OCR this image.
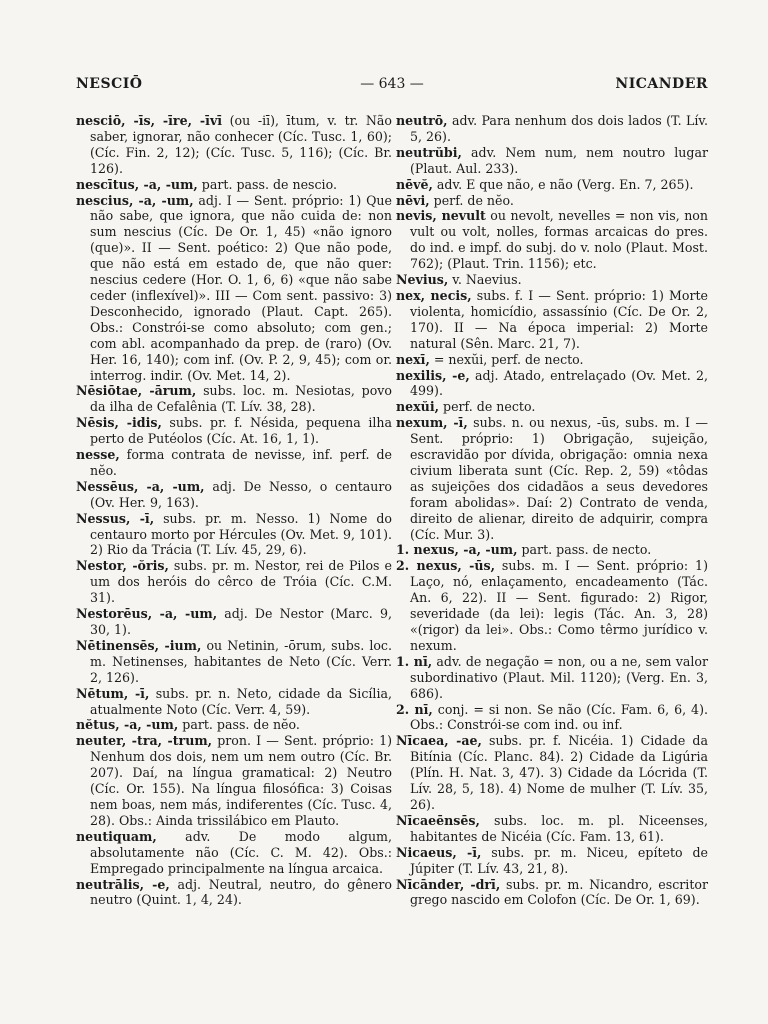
NESCIŌ	— 643 —	NICANDER
nesciō, -īs, -īre, -īvī (ou -iī), ītum, v. tr. Não saber, ignorar, não conhecer (Cíc. Tusc. 1, 60); (Cíc. Fin. 2, 12); (Cíc. Tusc. 5, 116); (Cíc. Br. 126).
nescītus, -a, -um, part. pass. de nescio.
nescius, -a, -um, adj. I — Sent. próprio: 1) Que não sabe, que ignora, que não cuida de: non sum nescius (Cíc. De Or. 1, 45) «não ignoro (que)». II — Sent. poético: 2) Que não pode, que não está em estado de, que não quer: nescius cedere (Hor. O. 1, 6, 6) «que não sabe ceder (inflexível)». III — Com sent. passivo: 3) Desconhecido, ignorado (Plaut. Capt. 265). Obs.: Constrói-se como absoluto; com gen.; com abl. acompanhado da prep. de (raro) (Ov. Her. 16, 140); com inf. (Ov. P. 2, 9, 45); com or. interrog. indir. (Ov. Met. 14, 2).
Nēsiōtae, -ārum, subs. loc. m. Nesiotas, povo da ilha de Cefalênia (T. Lív. 38, 28).
Nēsis, -idis, subs. pr. f. Nésida, pequena ilha perto de Putéolos (Cíc. At. 16, 1, 1).
nesse, forma contrata de nevisse, inf. perf. de nĕo.
Nessēus, -a, -um, adj. De Nesso, o centauro (Ov. Her. 9, 163).
Nessus, -ī, subs. pr. m. Nesso. 1) Nome do centauro morto por Hércules (Ov. Met. 9, 101). 2) Rio da Trácia (T. Lív. 45, 29, 6).
Nestor, -ŏris, subs. pr. m. Nestor, rei de Pilos e um dos heróis do cêrco de Tróia (Cíc. C.M. 31).
Nestorēus, -a, -um, adj. De Nestor (Marc. 9, 30, 1).
Nētinensēs, -ium, ou Netinin, -ōrum, subs. loc. m. Netinenses, habitantes de Neto (Cíc. Verr. 2, 126).
Nētum, -ī, subs. pr. n. Neto, cidade da Sicília, atualmente Noto (Cíc. Verr. 4, 59).
nĕtus, -a, -um, part. pass. de nĕo.
neuter, -tra, -trum, pron. I — Sent. próprio: 1) Nenhum dos dois, nem um nem outro (Cíc. Br. 207). Daí, na língua gramatical: 2) Neutro (Cíc. Or. 155). Na língua filosófica: 3) Coisas nem boas, nem más, indiferentes (Cíc. Tusc. 4, 28). Obs.: Ainda trissilábico em Plauto.
neutiquam, adv. De modo algum, absolutamente não (Cíc. C. M. 42). Obs.: Empregado principalmente na língua arcaica.
neutrālis, -e, adj. Neutral, neutro, do gênero neutro (Quint. 1, 4, 24).
neutrō, adv. Para nenhum dos dois lados (T. Lív. 5, 26).
neutrŭbi, adv. Nem num, nem noutro lugar (Plaut. Aul. 233).
nēvĕ, adv. E que não, e não (Verg. En. 7, 265).
nēvi, perf. de nĕo.
nevis, nevult ou nevolt, nevelles = non vis, non vult ou volt, nolles, formas arcaicas do pres. do ind. e impf. do subj. do v. nolo (Plaut. Most. 762); (Plaut. Trin. 1156); etc.
Nevius, v. Naevius.
nex, necis, subs. f. I — Sent. próprio: 1) Morte violenta, homicídio, assassínio (Cíc. De Or. 2, 170). II — Na época imperial: 2) Morte natural (Sên. Marc. 21, 7).
nexī, = nexŭi, perf. de necto.
nexilis, -e, adj. Atado, entrelaçado (Ov. Met. 2, 499).
nexŭi, perf. de necto.
nexum, -ī, subs. n. ou nexus, -ūs, subs. m. I — Sent. próprio: 1) Obrigação, sujeição, escravidão por dívida, obrigação: omnia nexa civium liberata sunt (Cíc. Rep. 2, 59) «tôdas as sujeições dos cidadãos a seus devedores foram abolidas». Daí: 2) Contrato de venda, direito de alienar, direito de adquirir, compra (Cíc. Mur. 3).
1. nexus, -a, -um, part. pass. de necto.
2. nexus, -ūs, subs. m. I — Sent. próprio: 1) Laço, nó, enlaçamento, encadeamento (Tác. An. 6, 22). II — Sent. figurado: 2) Rigor, severidade (da lei): legis (Tác. An. 3, 28) «(rigor) da lei». Obs.: Como têrmo jurídico v. nexum.
1. nī, adv. de negação = non, ou a ne, sem valor subordinativo (Plaut. Mil. 1120); (Verg. En. 3, 686).
2. nī, conj. = si non. Se não (Cíc. Fam. 6, 6, 4). Obs.: Constrói-se com ind. ou inf.
Nīcaea, -ae, subs. pr. f. Nicéia. 1) Cidade da Bitínia (Cíc. Planc. 84). 2) Cidade da Ligúria (Plín. H. Nat. 3, 47). 3) Cidade da Lócrida (T. Lív. 28, 5, 18). 4) Nome de mulher (T. Lív. 35, 26).
Nīcaeēnsēs, subs. loc. m. pl. Niceenses, habitantes de Nicéia (Cíc. Fam. 13, 61).
Nicaeus, -ī, subs. pr. m. Niceu, epíteto de Júpiter (T. Lív. 43, 21, 8).
Nīcānder, -drī, subs. pr. m. Nicandro, escritor grego nascido em Colofon (Cíc. De Or. 1, 69).
